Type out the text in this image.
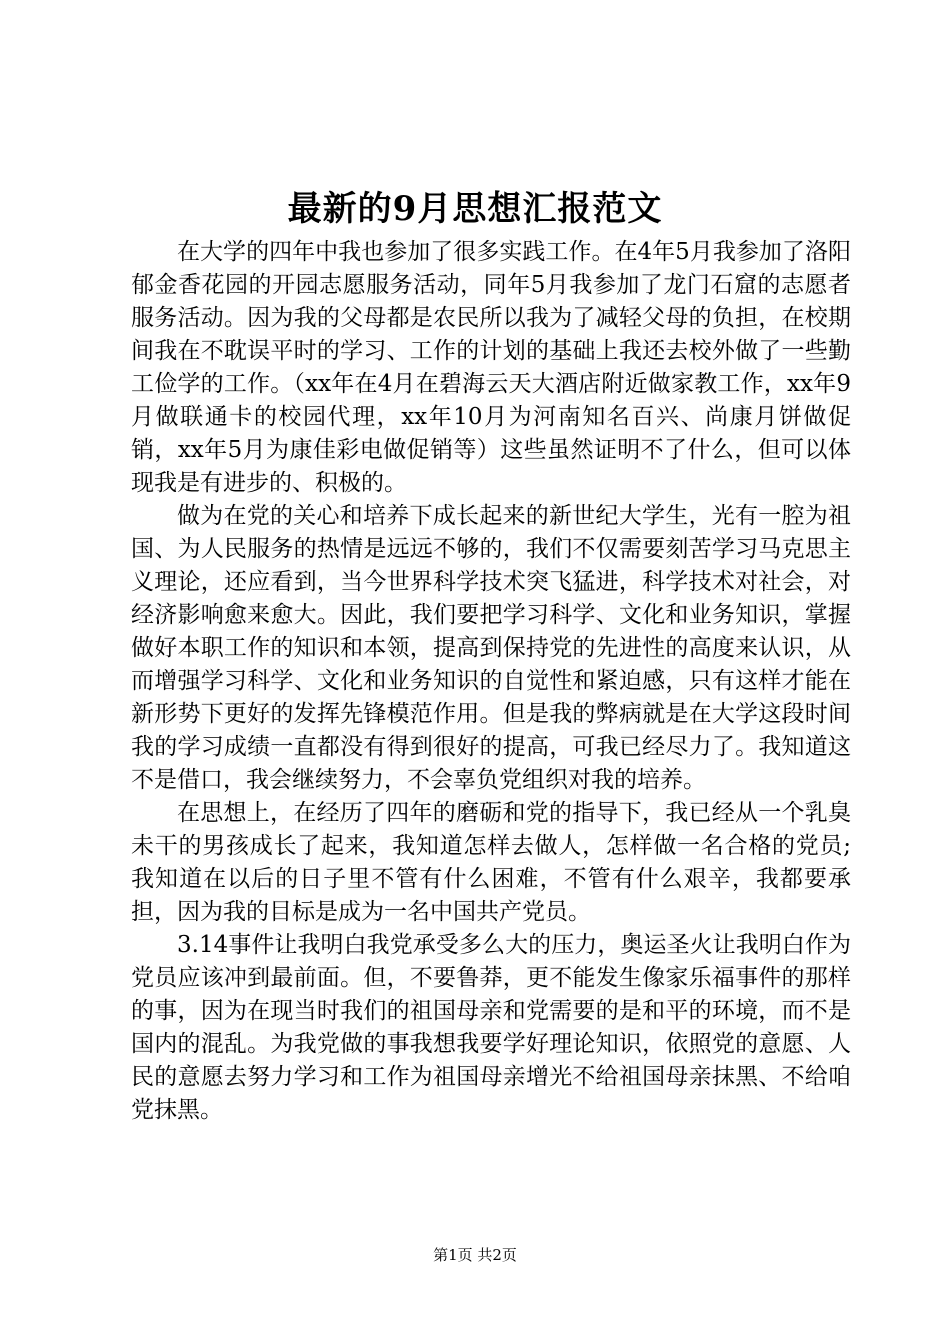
最新的9月思想汇报范文

在大学的四年中我也参加了很多实践工作。在4年5月我参加了洛阳郁金香花园的开园志愿服务活动，同年5月我参加了龙门石窟的志愿者服务活动。因为我的父母都是农民所以我为了减轻父母的负担，在校期间我在不耽误平时的学习、工作的计划的基础上我还去校外做了一些勤工俭学的工作。（xx年在4月在碧海云天大酒店附近做家教工作，xx年9月做联通卡的校园代理，xx年10月为河南知名百兴、尚康月饼做促销，xx年5月为康佳彩电做促销等）这些虽然证明不了什么，但可以体现我是有进步的、积极的。

做为在党的关心和培养下成长起来的新世纪大学生，光有一腔为祖国、为人民服务的热情是远远不够的，我们不仅需要刻苦学习马克思主义理论，还应看到，当今世界科学技术突飞猛进，科学技术对社会，对经济影响愈来愈大。因此，我们要把学习科学、文化和业务知识，掌握做好本职工作的知识和本领，提高到保持党的先进性的高度来认识，从而增强学习科学、文化和业务知识的自觉性和紧迫感，只有这样才能在新形势下更好的发挥先锋模范作用。但是我的弊病就是在大学这段时间我的学习成绩一直都没有得到很好的提高，可我已经尽力了。我知道这不是借口，我会继续努力，不会辜负党组织对我的培养。

在思想上，在经历了四年的磨砺和党的指导下，我已经从一个乳臭未干的男孩成长了起来，我知道怎样去做人，怎样做一名合格的党员;我知道在以后的日子里不管有什么困难，不管有什么艰辛，我都要承担，因为我的目标是成为一名中国共产党员。

3.14事件让我明白我党承受多么大的压力，奥运圣火让我明白作为党员应该冲到最前面。但，不要鲁莽，更不能发生像家乐福事件的那样的事，因为在现当时我们的祖国母亲和党需要的是和平的环境，而不是国内的混乱。为我党做的事我想我要学好理论知识，依照党的意愿、人民的意愿去努力学习和工作为祖国母亲增光不给祖国母亲抹黑、不给咱党抹黑。

第1页 共2页
